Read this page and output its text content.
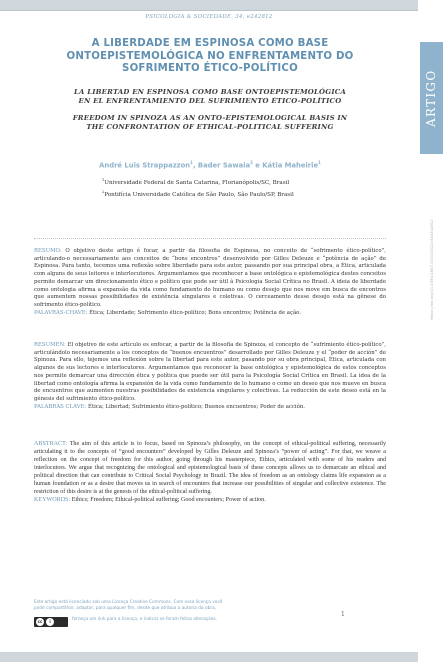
PSICOLOGIA & SOCIEDADE, 34, e242812
ARTIGO
https://doi.org/10.1590/1807-0310/2022v34e242812
A LIBERDADE EM ESPINOSA COMO BASE
ONTOEPISTEMOLÓGICA NO ENFRENTAMENTO DO
SOFRIMENTO ÉTICO-POLÍTICO
LA LIBERTAD EN ESPINOSA COMO BASE ONTOEPISTEMOLÓGICA
EN EL ENFRENTAMIENTO DEL SUFRIMIENTO ÉTICO-POLÍTICO
FREEDOM IN SPINOZA AS AN ONTO-EPISTEMOLOGICAL BASIS IN
THE CONFRONTATION OF ETHICAL-POLITICAL SUFFERING
André Luis Strappazzon$^1$, Bader Sawaia$^2$ e Kátia Maheirie$^1$
$^1$Universidade Federal de Santa Catarina, Florianópolis/SC, Brasil
$^2$Pontifícia Universidade Católica de São Paulo, São Paulo/SP, Brasil
RESUMO: O objetivo deste artigo é focar, a partir da filosofia de Espinosa, no conceito de “sofrimento ético-político”, articulando-o necessariamente aos conceitos de “bons encontros” desenvolvido por Gilles Deleuze e “potência de ação” de Espinosa. Para tanto, tecemos uma reflexão sobre liberdade para este autor, passando por sua principal obra, a Ética, articulada com alguns de seus leitores e interlocutores. Argumentamos que reconhecer a base ontológica e epistemológica destes conceitos permite demarcar um direcionamento ético e político que pode ser útil à Psicologia Social Crítica no Brasil. A ideia de liberdade como ontologia afirma a expansão da vida como fundamento do humano ou como desejo que nos move em busca de encontros que aumentem nossas possibilidades de existência singulares e coletivas. O cerceamento desse desejo está na gênese do sofrimento ético-político.
PALAVRAS-CHAVE: Ética; Liberdade; Sofrimento ético-político; Bons encontros; Potência de ação.
RESUMEN: El objetivo de este artículo es enfocar, a partir de la filosofía de Spinoza, el concepto de “sufrimiento ético-político”, articulándolo necesariamente a los conceptos de “buenos encuentros” desarrollado por Gilles Deleuze y el “poder de acción” de Spinoza. Para ello, tejemos una reflexión sobre la libertad para este autor, pasando por su obra principal, Ética, articulada con algunos de sus lectores e interlocutores. Argumentamos que reconocer la base ontológica y epistemológica de estos conceptos nos permite demarcar una dirección ética y política que puede ser útil para la Psicología Social Crítica en Brasil. La idea de la libertad como ontología afirma la expansión de la vida como fundamento de lo humano o como un deseo que nos mueve en busca de encuentros que aumenten nuestras posibilidades de existencia singulares y colectivas. La reducción de este deseo está en la génesis del sufrimiento ético-político.
PALABRAS CLAVE: Ética; Libertad; Sufrimiento ético-político; Buenos encuentros; Poder de acción.
ABSTRACT: The aim of this article is to focus, based on Spinoza’s philosophy, on the concept of ethical-political suffering, necessarily articulating it to the concepts of “good encounters” developed by Gilles Deleuze and Spinoza’s “power of acting”. For that, we weave a reflection on the concept of freedom for this author, going through his masterpiece, Ethics, articulated with some of his readers and interlocutors. We argue that recognizing the ontological and epistemological basis of these concepts allows us to demarcate an ethical and political direction that can contribute to Critical Social Psychology in Brazil. The idea of freedom as an ontology claims life expansion as a human foundation or as a desire that moves us in search of encounters that increase our possibilities of singular and collective existence. The restriction of this desire is at the genesis of the ethical-political suffering.
KEYWORDS: Ethics; Freedom; Ethical-political suffering; Good encounters; Power of action.
Este artigo está licenciado sob uma Licença Creative Commons. Com essa licença você
pode compartilhar, adaptar, para qualquer fim, desde que atribua a autoria da obra,
cc	i	forneça um link para a licença, e indicar se foram feitas alterações.
1
